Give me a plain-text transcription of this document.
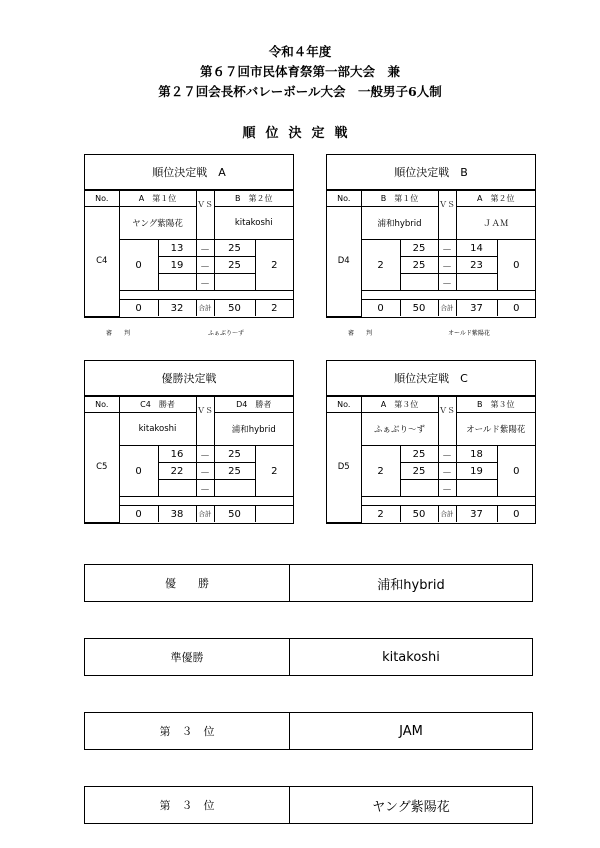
令和４年度
第６７回市民体育祭第一部大会　兼
第２７回会長杯バレーボール大会　一般男子6人制
順位決定戦
順位決定戦　A
No.	A　第１位		ＶＳ	B　第２位	
C4	ヤング紫陽花			kitakoshi	
	0	13	－	25	2
		19	－	25	
			－		

	0	32	合計	50	2
順位決定戦　B
No.	B　第１位		ＶＳ	A　第２位	
D4	浦和hybrid			ＪＡＭ	
	2	25	－	14	0
		25	－	23	
			－		

	0	50	合計	37	0
優勝決定戦
No.	C4　勝者		ＶＳ	D4　勝者	
C5	kitakoshi			浦和hybrid	
	0	16	－	25	2
		22	－	25	
			－		

	0	38	合計	50	
順位決定戦　C
No.	A　第３位		ＶＳ	B　第３位	
D5	ふぁぶり～ず			オールド紫陽花	
	2	25	－	18	0
		25	－	19	
			－		

	2	50	合計	37	0
審　　判	ふぁぶり～ず	審　　判	オールド紫陽花
優　　勝	浦和hybrid
準優勝	kitakoshi
第　３　位	JAM
第　３　位	ヤング紫陽花
